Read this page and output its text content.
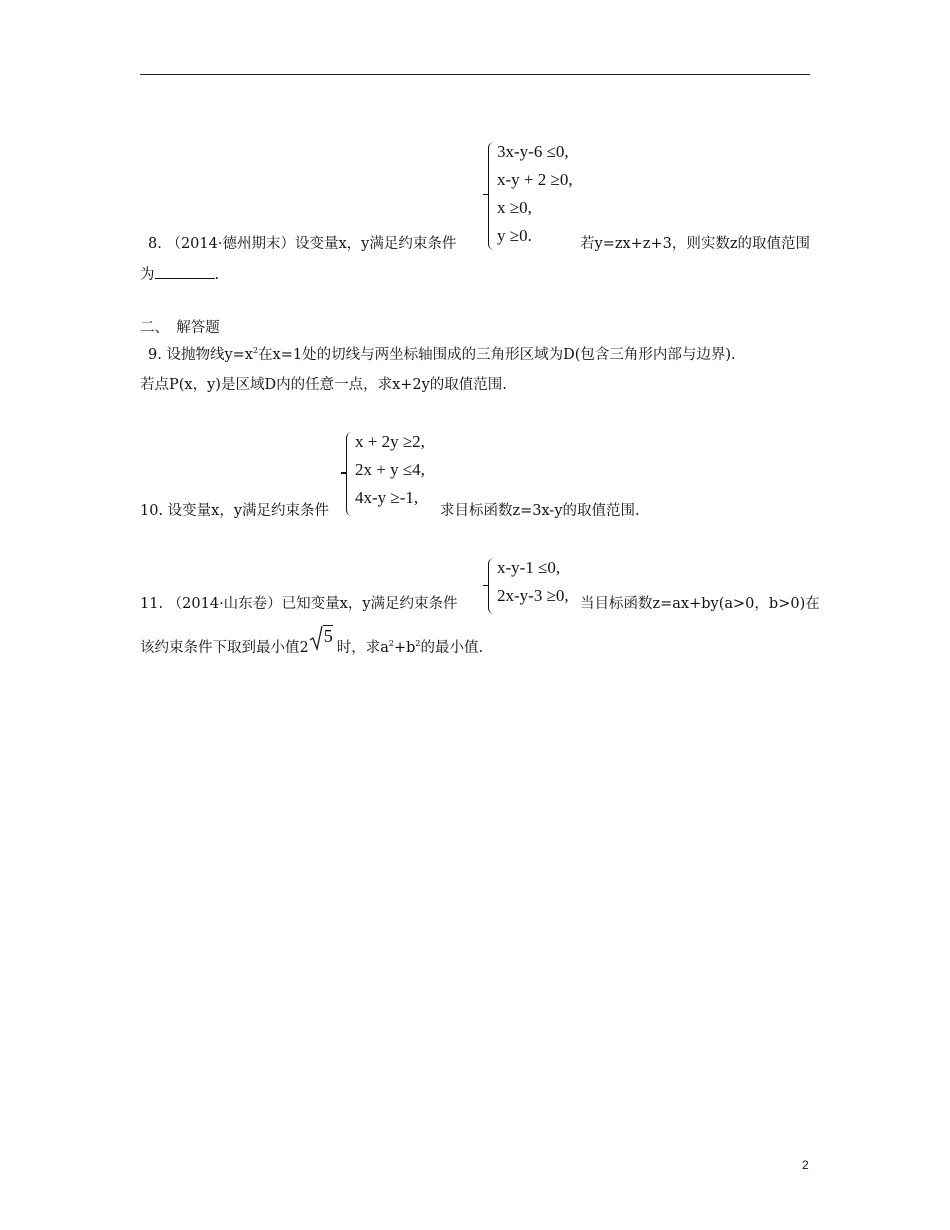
3x-y-6 ≤0,
x-y + 2 ≥0,
x ≥0,
y ≥0.
8. （2014·德州期末）设变量x，y满足约束条件	若y=zx+z+3，则实数z的取值范围
为	.
二、　解答题
9. 设抛物线$y=x^2$在x=1处的切线与两坐标轴围成的三角形区域为D(包含三角形内部与边界).
若点P(x，y)是区域D内的任意一点，求x+2y的取值范围.
x + 2y ≥2,
2x + y ≤4,
4x-y ≥-1,
10. 设变量x，y满足约束条件	求目标函数z=3x-y的取值范围.
x-y-1 ≤0,
2x-y-3 ≥0,
11. （2014·山东卷）已知变量x，y满足约束条件	当目标函数z=ax+by(a>0，b>0)在
该约束条件下取到最小值2
5
时，求$a^2+b^2$的最小值.
2
